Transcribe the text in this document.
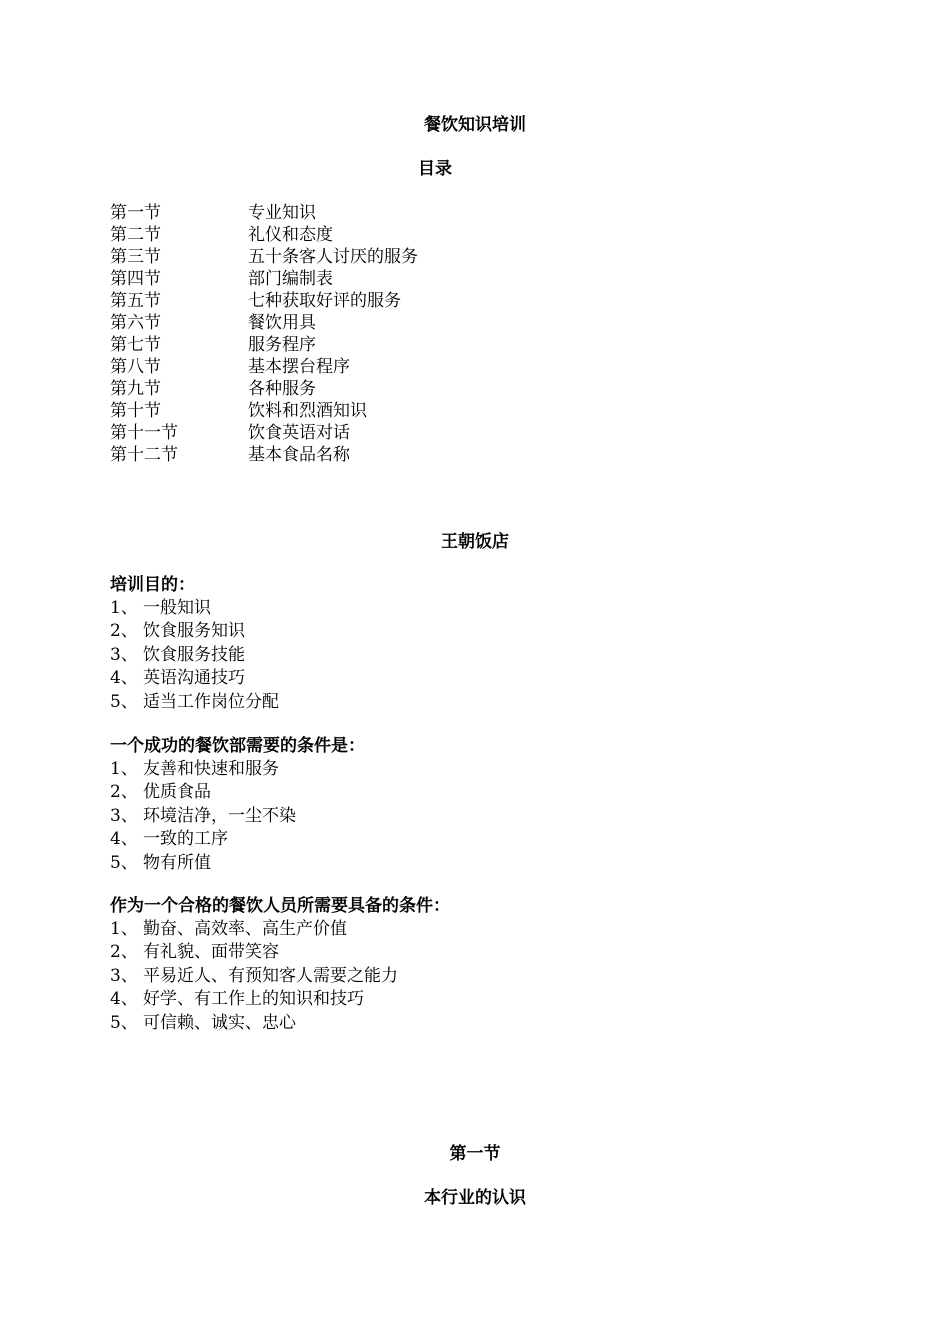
餐饮知识培训
目录
第一节	专业知识
第二节	礼仪和态度
第三节	五十条客人讨厌的服务
第四节	部门编制表
第五节	七种获取好评的服务
第六节	餐饮用具
第七节	服务程序
第八节	基本摆台程序
第九节	各种服务
第十节	饮料和烈酒知识
第十一节	饮食英语对话
第十二节	基本食品名称
王朝饭店
培训目的：
1、 一般知识
2、 饮食服务知识
3、 饮食服务技能
4、 英语沟通技巧
5、 适当工作岗位分配
一个成功的餐饮部需要的条件是：
1、 友善和快速和服务
2、 优质食品
3、 环境洁净，一尘不染
4、 一致的工序
5、 物有所值
作为一个合格的餐饮人员所需要具备的条件：
1、 勤奋、高效率、高生产价值
2、 有礼貌、面带笑容
3、 平易近人、有预知客人需要之能力
4、 好学、有工作上的知识和技巧
5、 可信赖、诚实、忠心
第一节
本行业的认识
